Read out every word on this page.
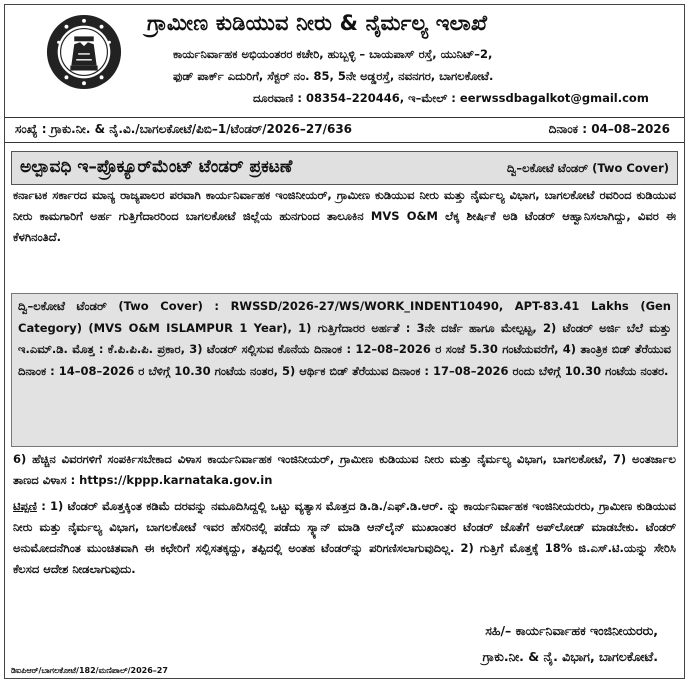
ಗ್ರಾಮೀಣ ಕುಡಿಯುವ ನೀರು & ನೈರ್ಮಲ್ಯ ಇಲಾಖೆ
ಕಾರ್ಯನಿರ್ವಾಹಕ ಅಭಿಯಂತರರ ಕಚೇರಿ, ಹುಬ್ಬಳ್ಳಿ – ಬಾಯಪಾಸ್ ರಸ್ತೆ, ಯುನಿಟ್–2,
ಫುಡ್ ಪಾರ್ಕ್ ಎದುರಿಗೆ, ಸೆಕ್ಟರ್ ನಂ. 85, 5ನೇ ಅಡ್ಡರಸ್ತೆ, ನವನಗರ, ಬಾಗಲಕೋಟೆ.
ದೂರವಾಣಿ : 08354–220446, ಇ–ಮೇಲ್ : eerwssdbagalkot@gmail.com
ಸಂಖ್ಯೆ : ಗ್ರಾಕು.ನೀ. & ನೈ.ವಿ./ಬಾಗಲಕೋಟೆ/ಪಿಬಿ–1/ಟೆಂಡರ್/2026–27/636	ದಿನಾಂಕ : 04–08–2026
ಅಲ್ಪಾವಧಿ ಇ–ಪ್ರೊಕ್ಯೂರ್‌ಮೆಂಟ್ ಟೆಂಡರ್ ಪ್ರಕಟಣೆ	ದ್ವಿ–ಲಕೋಟೆ ಟೆಂಡರ್ (Two Cover)
ಕರ್ನಾಟಕ ಸರ್ಕಾರದ ಮಾನ್ಯ ರಾಜ್ಯಪಾಲರ ಪರವಾಗಿ ಕಾರ್ಯನಿರ್ವಾಹಕ ಇಂಜಿನೀಯರ್, ಗ್ರಾಮೀಣ ಕುಡಿಯುವ ನೀರು ಮತ್ತು ನೈರ್ಮಲ್ಯ ವಿಭಾಗ, ಬಾಗಲಕೋಟೆ ರವರಿಂದ ಕುಡಿಯುವ ನೀರು ಕಾಮಗಾರಿಗೆ ಅರ್ಹ ಗುತ್ತಿಗೆದಾರರಿಂದ ಬಾಗಲಕೋಟೆ ಜಿಲ್ಲೆಯ ಹುನಗುಂದ ತಾಲೂಕಿನ MVS O&M ಲೆಕ್ಕ ಶೀರ್ಷಿಕೆ ಅಡಿ ಟೆಂಡರ್ ಆಹ್ವಾನಿಸಲಾಗಿದ್ದು, ವಿವರ ಈ ಕೆಳಗಿನಂತಿದೆ.
ದ್ವಿ–ಲಕೋಟೆ ಟೆಂಡರ್ (Two Cover) : RWSSD/2026-27/WS/WORK_INDENT10490, APT-83.41 Lakhs (Gen Category) (MVS O&M ISLAMPUR 1 Year), 1) ಗುತ್ತಿಗೆದಾರರ ಅರ್ಹತೆ : 3ನೇ ದರ್ಜೆ ಹಾಗೂ ಮೇಲ್ಪಟ್ಟ, 2) ಟೆಂಡರ್ ಅರ್ಜಿ ಬೆಲೆ ಮತ್ತು ಇ.ಎಮ್.ಡಿ. ಮೊತ್ತ : ಕೆ.ಪಿ.ಪಿ.ಪಿ. ಪ್ರಕಾರ, 3) ಟೆಂಡರ್ ಸಲ್ಲಿಸುವ ಕೊನೆಯ ದಿನಾಂಕ : 12–08–2026 ರ ಸಂಜೆ 5.30 ಗಂಟೆಯವರೆಗೆ, 4) ತಾಂತ್ರಿಕ ಬಿಡ್ ತೆರೆಯುವ ದಿನಾಂಕ : 14–08–2026 ರ ಬೆಳಿಗ್ಗೆ 10.30 ಗಂಟೆಯ ನಂತರ, 5) ಆರ್ಥಿಕ ಬಿಡ್ ತೆರೆಯುವ ದಿನಾಂಕ : 17–08–2026 ರಂದು ಬೆಳಿಗ್ಗೆ 10.30 ಗಂಟೆಯ ನಂತರ.
6) ಹೆಚ್ಚಿನ ವಿವರಗಳಿಗೆ ಸಂಪರ್ಕಿಸಬೇಕಾದ ವಿಳಾಸ ಕಾರ್ಯನಿರ್ವಾಹಕ ಇಂಜಿನೀಯರ್, ಗ್ರಾಮೀಣ ಕುಡಿಯುವ ನೀರು ಮತ್ತು ನೈರ್ಮಲ್ಯ ವಿಭಾಗ, ಬಾಗಲಕೋಟೆ, 7) ಅಂತರ್ಜಾಲ ತಾಣದ ವಿಳಾಸ : https://kppp.karnataka.gov.in
ಟಿಪ್ಪಣಿ : 1) ಟೆಂಡರ್ ಮೊತ್ತಕ್ಕಿಂತ ಕಡಿಮೆ ದರವನ್ನು ನಮೂದಿಸಿದ್ದಲ್ಲಿ ಒಟ್ಟು ವ್ಯತ್ಯಾಸ ಮೊತ್ತದ ಡಿ.ಡಿ./ಎಫ್.ಡಿ.ಆರ್. ನ್ನು ಕಾರ್ಯನಿರ್ವಾಹಕ ಇಂಜಿನೀಯರರು, ಗ್ರಾಮೀಣ ಕುಡಿಯುವ ನೀರು ಮತ್ತು ನೈರ್ಮಲ್ಯ ವಿಭಾಗ, ಬಾಗಲಕೋಟೆ ಇವರ ಹೆಸರಿನಲ್ಲಿ ಪಡೆದು ಸ್ಕ್ಯಾನ್ ಮಾಡಿ ಆನ್‌ಲೈನ್ ಮುಖಾಂತರ ಟೆಂಡರ್ ಜೊತೆಗೆ ಅಪ್‌ಲೋಡ್ ಮಾಡಬೇಕು. ಟೆಂಡರ್ ಅನುಮೋದನೆಗಿಂತ ಮುಂಚಿತವಾಗಿ ಈ ಕಛೇರಿಗೆ ಸಲ್ಲಿಸತಕ್ಕದ್ದು, ತಪ್ಪಿದಲ್ಲಿ ಅಂತಹ ಟೆಂಡರ್‌ನ್ನು ಪರಿಗಣಿಸಲಾಗುವುದಿಲ್ಲ. 2) ಗುತ್ತಿಗೆ ಮೊತ್ತಕ್ಕೆ 18% ಜಿ.ಎಸ್.ಟಿ.ಯನ್ನು ಸೇರಿಸಿ ಕೆಲಸದ ಆದೇಶ ನೀಡಲಾಗುವುದು.
ಸಹಿ/– ಕಾರ್ಯನಿರ್ವಾಹಕ ಇಂಜಿನೀಯರರು,
ಗ್ರಾಕು.ನೀ. & ನೈ. ವಿಭಾಗ, ಬಾಗಲಕೋಟೆ.
ಡಿಐಪಿಆರ್/ಬಾಗಲಕೋಟೆ/182/ಮಣಿಪಾಲ್/2026–27
